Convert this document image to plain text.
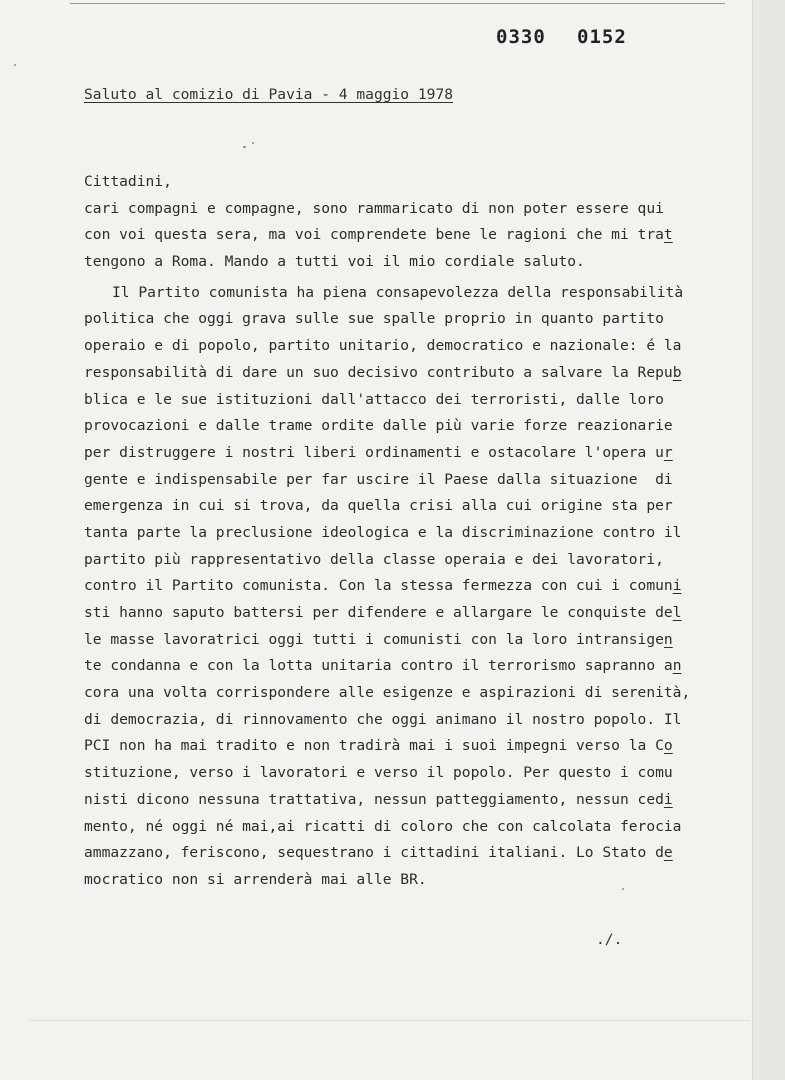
0330 0152
Saluto al comizio di Pavia - 4 maggio 1978
Cittadini,
cari compagni e compagne, sono rammaricato di non poter essere qui
con voi questa sera, ma voi comprendete bene le ragioni che mi trat
tengono a Roma. Mando a tutti voi il mio cordiale saluto.
Il Partito comunista ha piena consapevolezza della responsabilità
politica che oggi grava sulle sue spalle proprio in quanto partito
operaio e di popolo, partito unitario, democratico e nazionale: é la
responsabilità di dare un suo decisivo contributo a salvare la Repub
blica e le sue istituzioni dall'attacco dei terroristi, dalle loro
provocazioni e dalle trame ordite dalle più varie forze reazionarie
per distruggere i nostri liberi ordinamenti e ostacolare l'opera ur
gente e indispensabile per far uscire il Paese dalla situazione  di
emergenza in cui si trova, da quella crisi alla cui origine sta per
tanta parte la preclusione ideologica e la discriminazione contro il
partito più rappresentativo della classe operaia e dei lavoratori,
contro il Partito comunista. Con la stessa fermezza con cui i comuni
sti hanno saputo battersi per difendere e allargare le conquiste del
le masse lavoratrici oggi tutti i comunisti con la loro intransigen
te condanna e con la lotta unitaria contro il terrorismo sapranno an
cora una volta corrispondere alle esigenze e aspirazioni di serenità,
di democrazia, di rinnovamento che oggi animano il nostro popolo. Il
PCI non ha mai tradito e non tradirà mai i suoi impegni verso la Co
stituzione, verso i lavoratori e verso il popolo. Per questo i comu
nisti dicono nessuna trattativa, nessun patteggiamento, nessun cedi
mento, né oggi né mai,ai ricatti di coloro che con calcolata ferocia
ammazzano, feriscono, sequestrano i cittadini italiani. Lo Stato de
mocratico non si arrenderà mai alle BR.
./.
